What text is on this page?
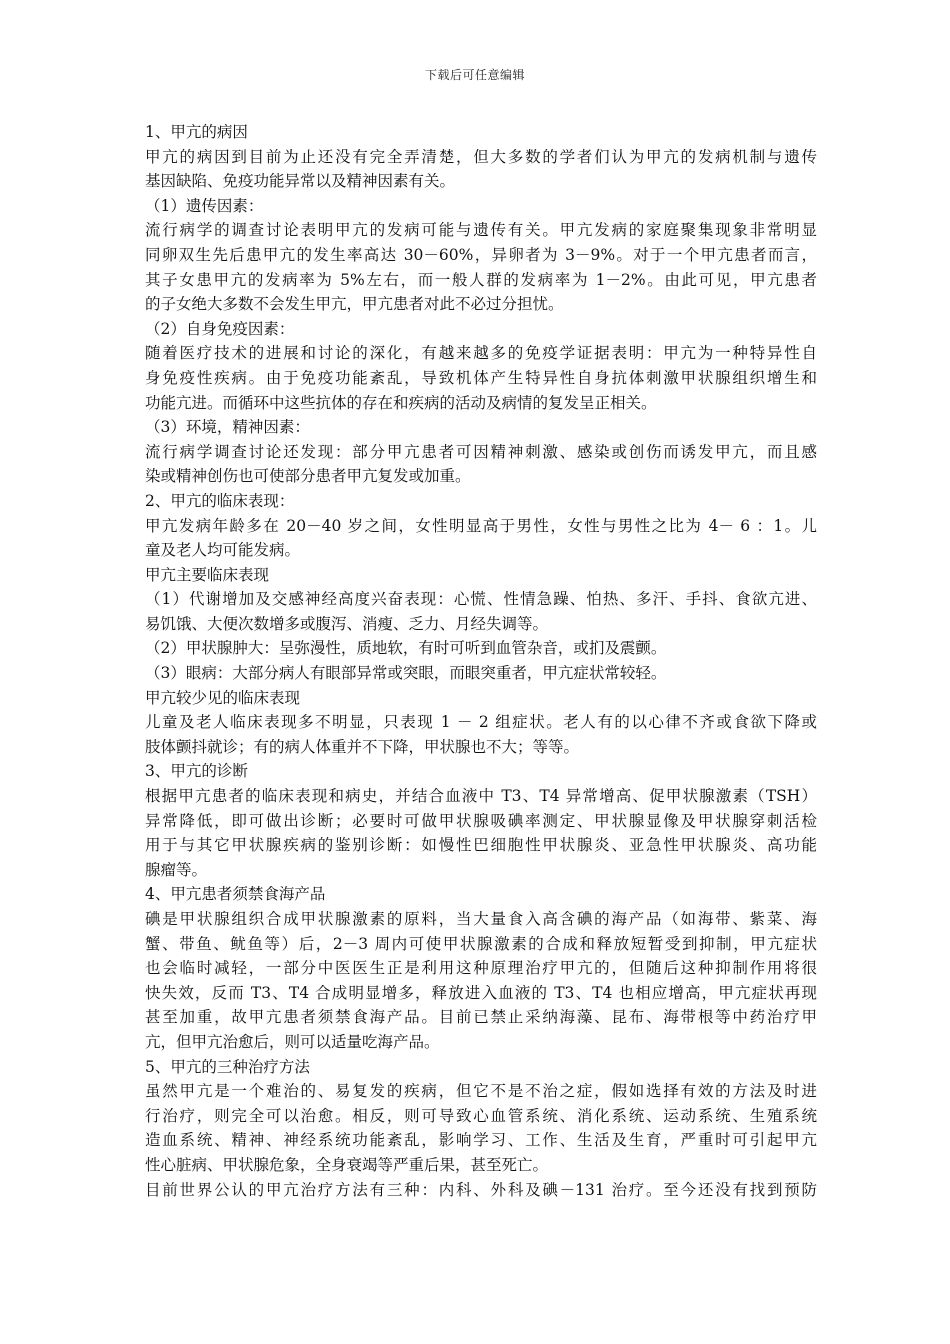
下载后可任意编辑
1、甲亢的病因
甲亢的病因到目前为止还没有完全弄清楚，但大多数的学者们认为甲亢的发病机制与遗传
基因缺陷、免疫功能异常以及精神因素有关。
（1）遗传因素：
流行病学的调查讨论表明甲亢的发病可能与遗传有关。甲亢发病的家庭聚集现象非常明显
同卵双生先后患甲亢的发生率高达 30－60%，异卵者为 3－9%。对于一个甲亢患者而言，
其子女患甲亢的发病率为 5%左右，而一般人群的发病率为 1－2%。由此可见，甲亢患者
的子女绝大多数不会发生甲亢，甲亢患者对此不必过分担忧。
（2）自身免疫因素：
随着医疗技术的进展和讨论的深化，有越来越多的免疫学证据表明：甲亢为一种特异性自
身免疫性疾病。由于免疫功能紊乱，导致机体产生特异性自身抗体刺激甲状腺组织增生和
功能亢进。而循环中这些抗体的存在和疾病的活动及病情的复发呈正相关。
（3）环境，精神因素：
流行病学调查讨论还发现：部分甲亢患者可因精神刺激、感染或创伤而诱发甲亢，而且感
染或精神创伤也可使部分患者甲亢复发或加重。
2、甲亢的临床表现：
甲亢发病年龄多在 20－40 岁之间，女性明显高于男性，女性与男性之比为 4－ 6 ：1。儿
童及老人均可能发病。
甲亢主要临床表现
（1）代谢增加及交感神经高度兴奋表现：心慌、性情急躁、怕热、多汗、手抖、食欲亢进、
易饥饿、大便次数增多或腹泻、消瘦、乏力、月经失调等。
（2）甲状腺肿大：呈弥漫性，质地软，有时可听到血管杂音，或扪及震颤。
（3）眼病：大部分病人有眼部异常或突眼，而眼突重者，甲亢症状常较轻。
甲亢较少见的临床表现
儿童及老人临床表现多不明显，只表现 1 － 2 组症状。老人有的以心律不齐或食欲下降或
肢体颤抖就诊；有的病人体重并不下降，甲状腺也不大；等等。
3、甲亢的诊断
根据甲亢患者的临床表现和病史，并结合血液中 T3、T4 异常增高、促甲状腺激素（TSH）
异常降低，即可做出诊断；必要时可做甲状腺吸碘率测定、甲状腺显像及甲状腺穿刺活检
用于与其它甲状腺疾病的鉴别诊断：如慢性巴细胞性甲状腺炎、亚急性甲状腺炎、高功能
腺瘤等。
4、甲亢患者须禁食海产品
碘是甲状腺组织合成甲状腺激素的原料，当大量食入高含碘的海产品（如海带、紫菜、海
蟹、带鱼、鱿鱼等）后，2－3 周内可使甲状腺激素的合成和释放短暂受到抑制，甲亢症状
也会临时减轻，一部分中医医生正是利用这种原理治疗甲亢的，但随后这种抑制作用将很
快失效，反而 T3、T4 合成明显增多，释放进入血液的 T3、T4 也相应增高，甲亢症状再现
甚至加重，故甲亢患者须禁食海产品。目前已禁止采纳海藻、昆布、海带根等中药治疗甲
亢，但甲亢治愈后，则可以适量吃海产品。
5、甲亢的三种治疗方法
虽然甲亢是一个难治的、易复发的疾病，但它不是不治之症，假如选择有效的方法及时进
行治疗，则完全可以治愈。相反，则可导致心血管系统、消化系统、运动系统、生殖系统
造血系统、精神、神经系统功能紊乱，影响学习、工作、生活及生育，严重时可引起甲亢
性心脏病、甲状腺危象，全身衰竭等严重后果，甚至死亡。
目前世界公认的甲亢治疗方法有三种：内科、外科及碘－131 治疗。至今还没有找到预防
